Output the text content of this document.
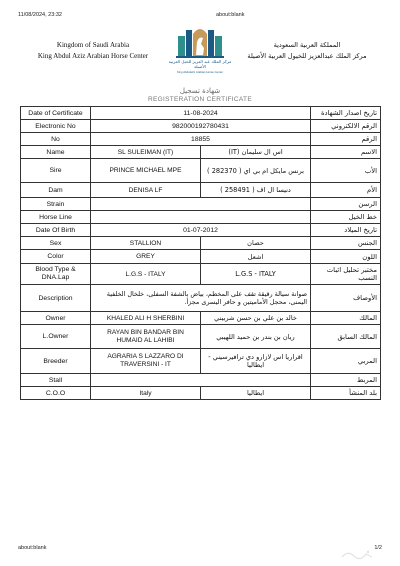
11/08/2024, 23:32	about:blank
Kingdom of Saudi Arabia
King Abdul Aziz Arabian Horse Center
مركز الملك عبد العزيز للخيل العربية الأصيلة
King Abdulaziz Arabian Horse Center
المملكة العربية السعودية
مركز الملك عبدالعزيز للخيول العربية الأصيلة
شهادة تسجيل
REGISTERATION CERTIFICATE
Date of Certificate	11-08-2024		تاريخ اصدار الشهادة
Electronic No	982000192780431		الرقم الالكتروني
No	18855		الرقم
Name	SL SULEIMAN (IT)	اس ال سليمان (IT)	الاسم
Sire	PRINCE MICHAEL MPE	برنس مايكل ام بي اي ( 282370 )	الأب
Dam	DENISA LF	دنيسا ال اف ( 258491 )	الأم
Strain			الرسن
Horse Line			خط الخيل
Date Of Birth	01-07-2012		تاريخ الميلاد
Sex	STALLION	حصان	الجنس
Color	GREY	اشعل	اللون
Blood Type & DNA.Lap	L.G.S - ITALY	L.G.S - ITALY	مختبر تحليل اثبات النسب
Description	صوانة سيالة رقيقة تقف على المخطم، بياض بالشفة السفلى، خلخال الخلفية اليمنى، محجل الأماميتين و حافر اليسرى مجزأ.		الأوصاف
Owner	KHALED ALI H SHERBINI	خالد بن علي بن حسن شربيني	المالك
L.Owner	RAYAN BIN BANDAR BIN HUMAID AL LAHIBI	ريان بن بندر بن حميد اللهيبي	المالك السابق
Breeder	AGRARIA S LAZZARO DI TRAVERSINI - IT	اقراريا اس لازارو دي ترافيرسيني - ايطاليا	المربي
Stall			المربط
C.O.O	Italy	ايطاليا	بلد المنشأ
about:blank	1/2
